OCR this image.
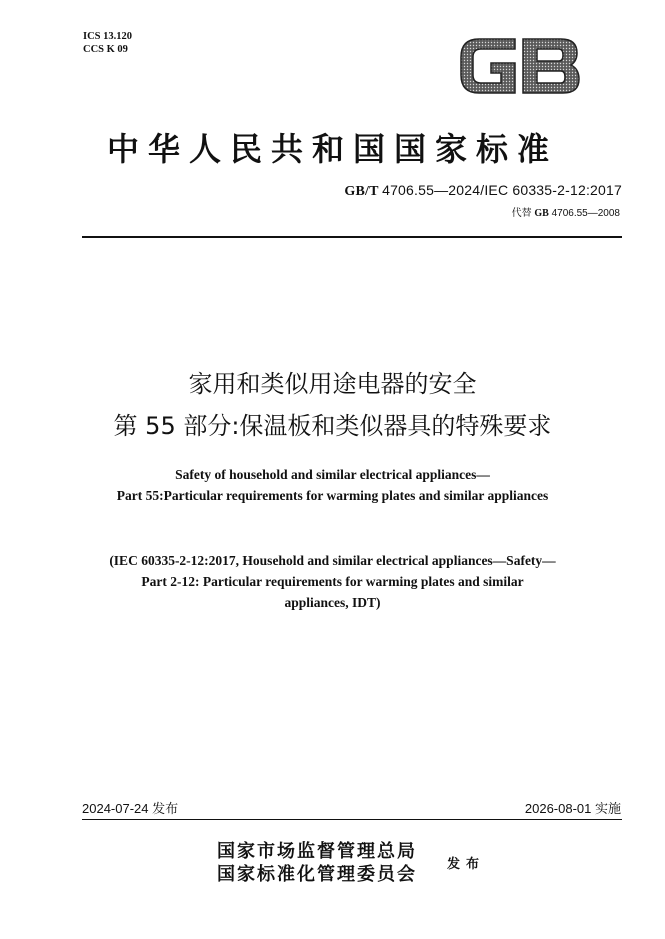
ICS 13.120
CCS K 09
GB
中华人民共和国国家标准
GB/T 4706.55—2024/IEC 60335-2-12:2017
代替 GB 4706.55—2008
家用和类似用途电器的安全
第 55 部分:保温板和类似器具的特殊要求
Safety of household and similar electrical appliances—
Part 55:Particular requirements for warming plates and similar appliances
(IEC 60335-2-12:2017, Household and similar electrical appliances—Safety—
Part 2-12: Particular requirements for warming plates and similar
appliances, IDT)
2024-07-24 发布	2026-08-01 实施
国家市场监督管理总局
国家标准化管理委员会 发布
